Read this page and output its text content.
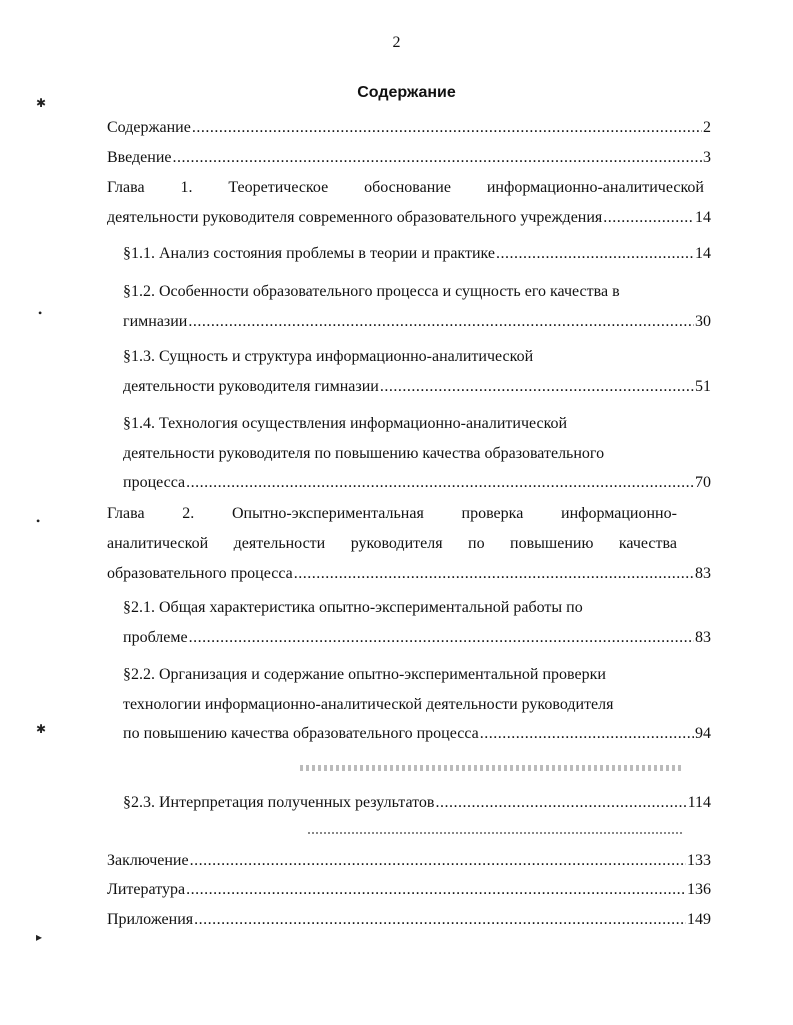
2
Содержание
✱
•
•
✱
▸
Содержание .....	2
Введение .....	3
Глава 1. Теоретическое обоснование информационно-аналитической
деятельности руководителя современного образовательного учреждения .....	14
§1.1. Анализ состояния проблемы в теории и практике .....	14
§1.2. Особенности образовательного процесса и сущность его качества в
гимназии .....	30
§1.3. Сущность и структура информационно-аналитической
деятельности руководителя гимназии .....	51
§1.4. Технология осуществления информационно-аналитической
деятельности руководителя по повышению качества образовательного
процесса .....	70
Глава 2. Опытно-экспериментальная проверка информационно-
аналитической деятельности руководителя по повышению качества
образовательного процесса .....	83
§2.1. Общая характеристика опытно-экспериментальной работы по
проблеме .....	83
§2.2. Организация и содержание опытно-экспериментальной проверки
технологии информационно-аналитической деятельности руководителя
по повышению качества образовательного процесса .....	94
§2.3. Интерпретация полученных результатов .....	114
Заключение .....	133
Литература .....	136
Приложения .....	149
